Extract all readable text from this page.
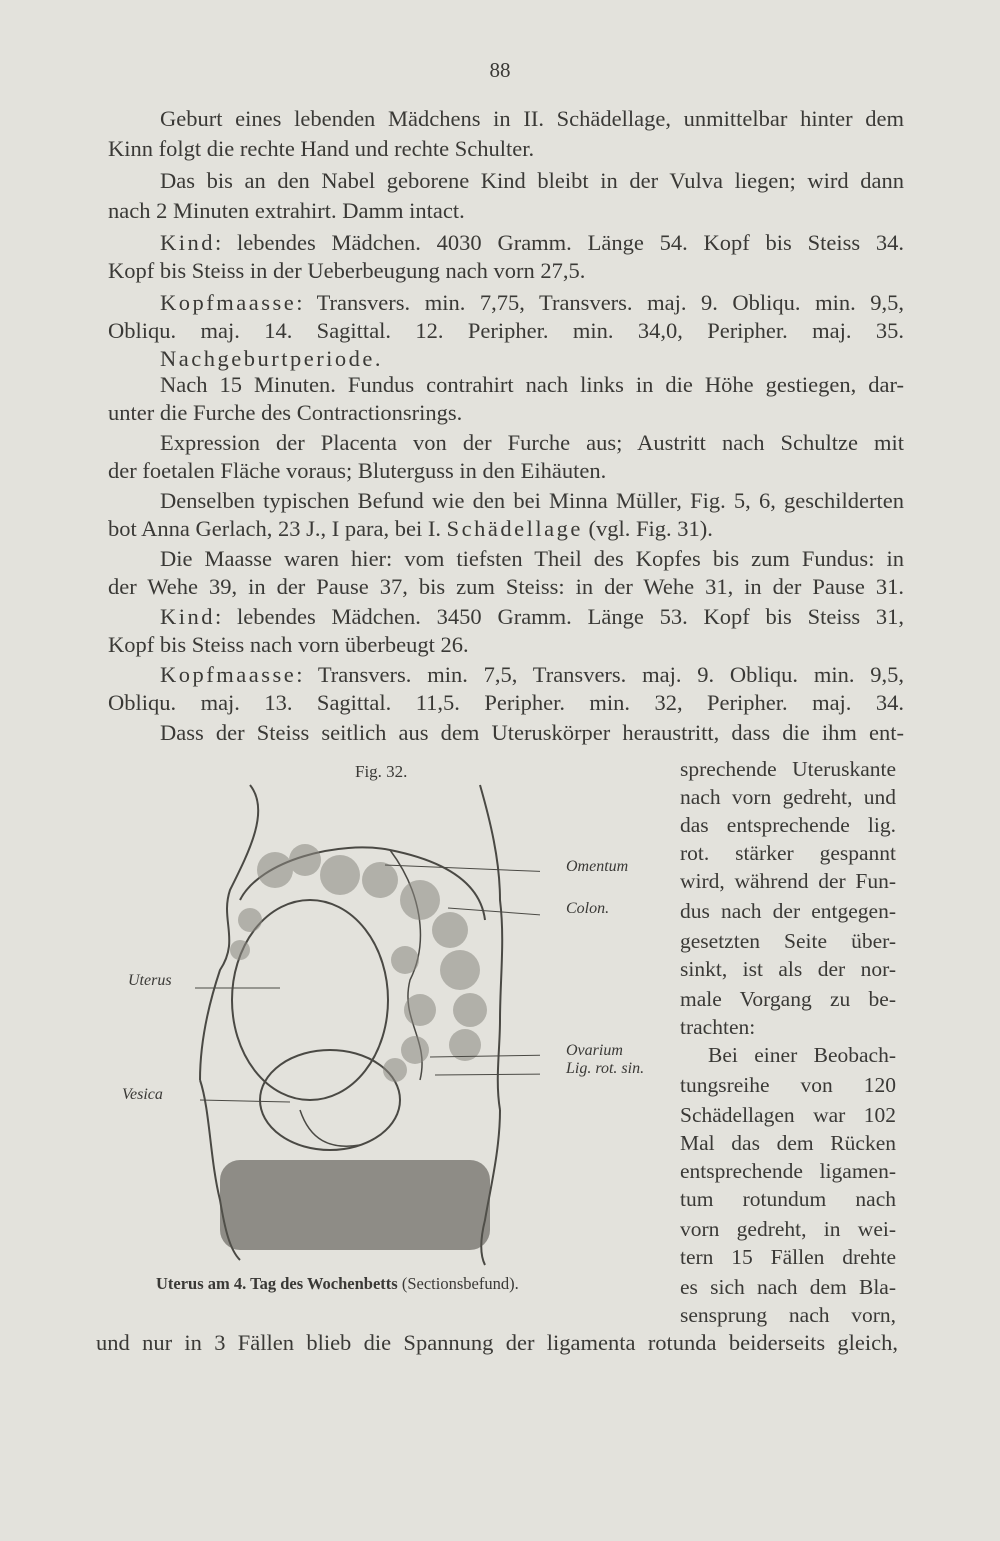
88
Geburt eines lebenden Mädchens in II. Schädellage, unmittelbar hinter dem
Kinn folgt die rechte Hand und rechte Schulter.
Das bis an den Nabel geborene Kind bleibt in der Vulva liegen; wird dann
nach 2 Minuten extrahirt. Damm intact.
Kind: lebendes Mädchen. 4030 Gramm. Länge 54. Kopf bis Steiss 34.
Kopf bis Steiss in der Ueberbeugung nach vorn 27,5.
Kopfmaasse: Transvers. min. 7,75, Transvers. maj. 9. Obliqu. min. 9,5,
Obliqu. maj. 14. Sagittal. 12. Peripher. min. 34,0, Peripher. maj. 35.
Nachgeburtperiode.
Nach 15 Minuten. Fundus contrahirt nach links in die Höhe gestiegen, dar-
unter die Furche des Contractionsrings.
Expression der Placenta von der Furche aus; Austritt nach Schultze mit
der foetalen Fläche voraus; Bluterguss in den Eihäuten.
Denselben typischen Befund wie den bei Minna Müller, Fig. 5, 6, geschilderten
bot Anna Gerlach, 23 J., I para, bei I. Schädellage (vgl. Fig. 31).
Die Maasse waren hier: vom tiefsten Theil des Kopfes bis zum Fundus: in
der Wehe 39, in der Pause 37, bis zum Steiss: in der Wehe 31, in der Pause 31.
Kind: lebendes Mädchen. 3450 Gramm. Länge 53. Kopf bis Steiss 31,
Kopf bis Steiss nach vorn überbeugt 26.
Kopfmaasse: Transvers. min. 7,5, Transvers. maj. 9. Obliqu. min. 9,5,
Obliqu. maj. 13. Sagittal. 11,5. Peripher. min. 32, Peripher. maj. 34.
Dass der Steiss seitlich aus dem Uteruskörper heraustritt, dass die ihm ent-
Fig. 32.
Omentum
Colon.
Uterus
Ovarium
Lig. rot. sin.
Vesica
Uterus am 4. Tag des Wochenbetts (Sectionsbefund).
sprechende Uteruskante
nach vorn gedreht, und
das entsprechende lig.
rot. stärker gespannt
wird, während der Fun-
dus nach der entgegen-
gesetzten Seite über-
sinkt, ist als der nor-
male Vorgang zu be-
trachten:
Bei einer Beobach-
tungsreihe von 120
Schädellagen war 102
Mal das dem Rücken
entsprechende ligamen-
tum rotundum nach
vorn gedreht, in wei-
tern 15 Fällen drehte
es sich nach dem Bla-
sensprung nach vorn,
und nur in 3 Fällen blieb die Spannung der ligamenta rotunda beiderseits gleich,
